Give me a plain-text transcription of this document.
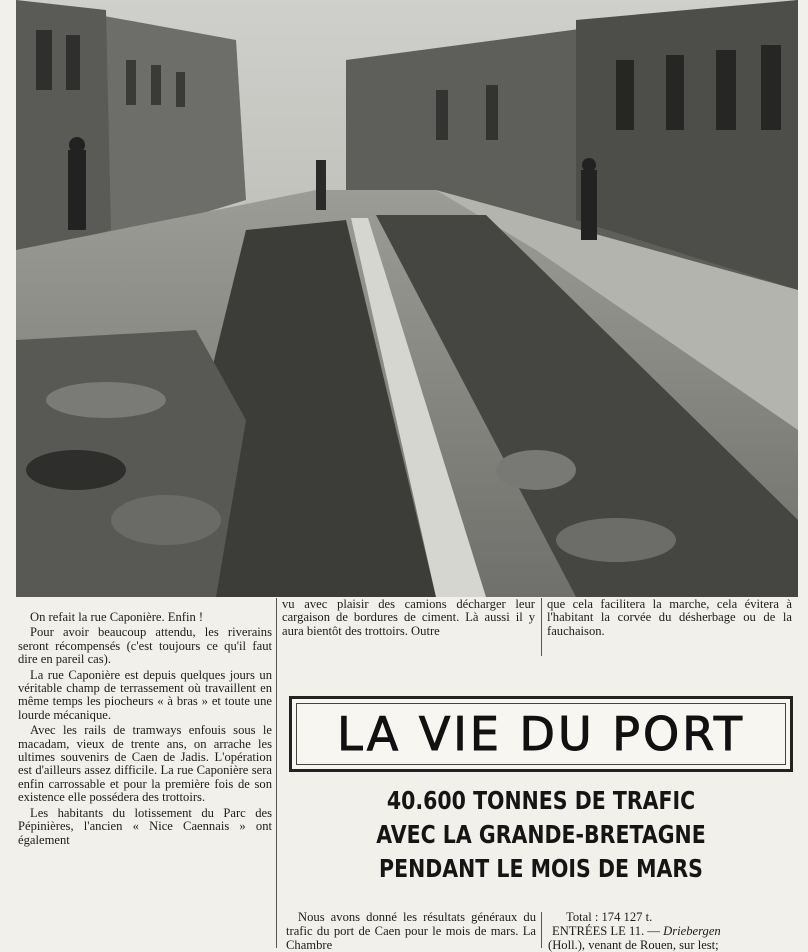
On refait la rue Caponière. Enfin !

Pour avoir beaucoup attendu, les riverains seront récompensés (c'est toujours ce qu'il faut dire en pareil cas).

La rue Caponière est depuis quelques jours un véritable champ de terrassement où travaillent en même temps les piocheurs « à bras » et toute une lourde mécanique.

Avec les rails de tramways enfouis sous le macadam, vieux de trente ans, on arrache les ultimes souvenirs de Caen de Jadis. L'opération est d'ailleurs assez difficile. La rue Caponière sera enfin carrossable et pour la première fois de son existence elle possédera des trottoirs.

Les habitants du lotissement du Parc des Pépinières, l'ancien « Nice Caennais » ont également

vu avec plaisir des camions décharger leur cargaison de bordures de ciment. Là aussi il y aura bientôt des trottoirs. Outre

que cela facilitera la marche, cela évitera à l'habitant la corvée du désherbage ou de la fauchaison.

LA VIE DU PORT
40.600 TONNES DE TRAFIC
AVEC LA GRANDE-BRETAGNE
PENDANT LE MOIS DE MARS

Nous avons donné les résultats généraux du trafic du port de Caen pour le mois de mars. La Chambre

Total : 174 127 t.

ENTRÉES LE 11. — Driebergen

(Holl.), venant de Rouen, sur lest;
